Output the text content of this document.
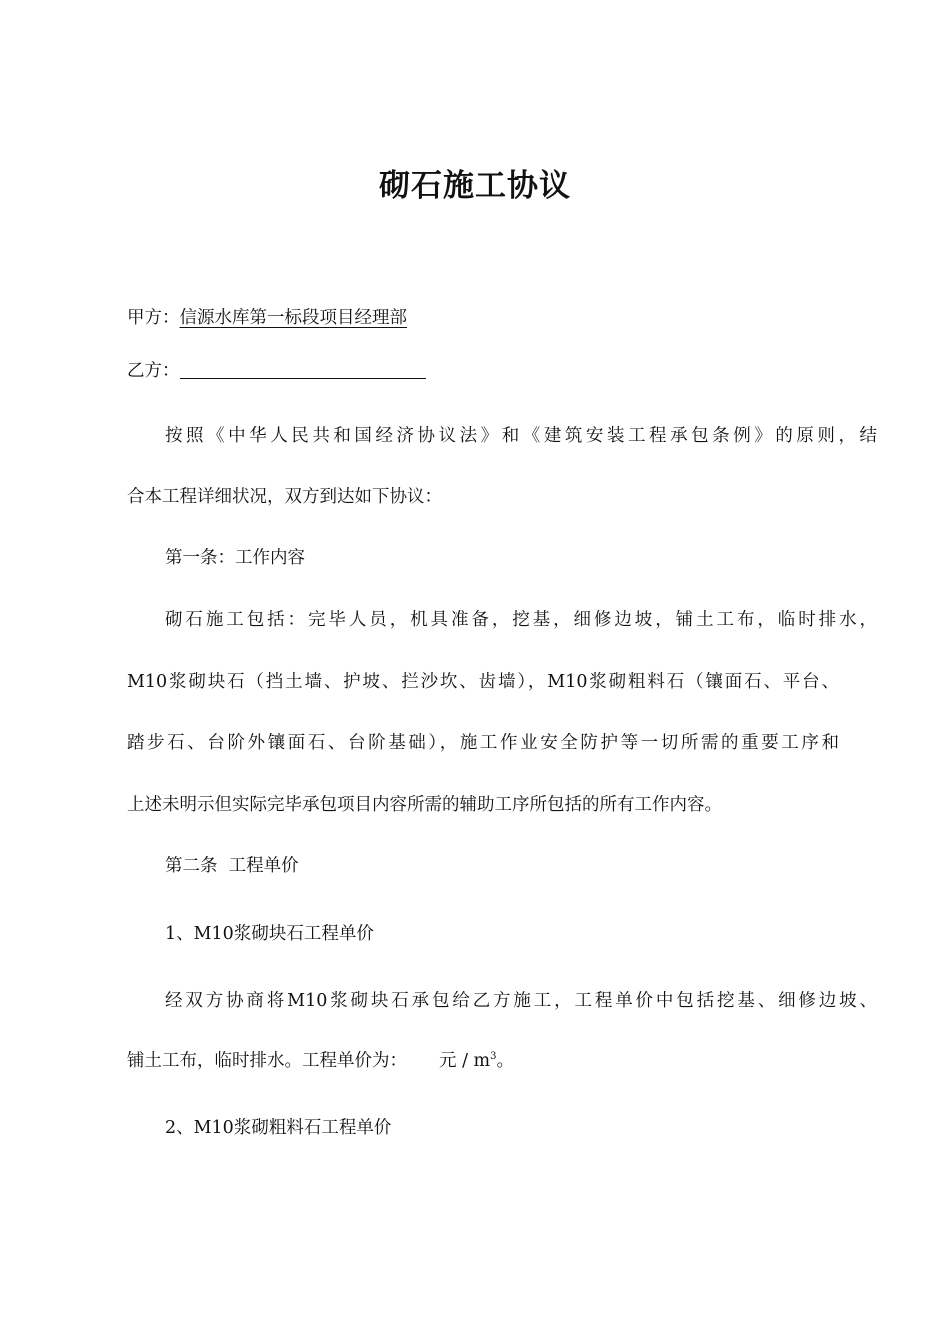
砌石施工协议
甲方：信源水库第一标段项目经理部
乙方：
按照《中华人民共和国经济协议法》和《建筑安装工程承包条例》的原则，结
合本工程详细状况，双方到达如下协议：
第一条：工作内容
砌石施工包括：完毕人员，机具准备，挖基，细修边坡，铺土工布，临时排水，
M10浆砌块石（挡土墙、护坡、拦沙坎、齿墙），M10浆砌粗料石（镶面石、平台、
踏步石、台阶外镶面石、台阶基础），施工作业安全防护等一切所需的重要工序和
上述未明示但实际完毕承包项目内容所需的辅助工序所包括的所有工作内容。
第二条  工程单价
1、M10浆砌块石工程单价
经双方协商将M10浆砌块石承包给乙方施工，工程单价中包括挖基、细修边坡、
铺土工布，临时排水。工程单价为： 元 / $m^3$。
2、M10浆砌粗料石工程单价
